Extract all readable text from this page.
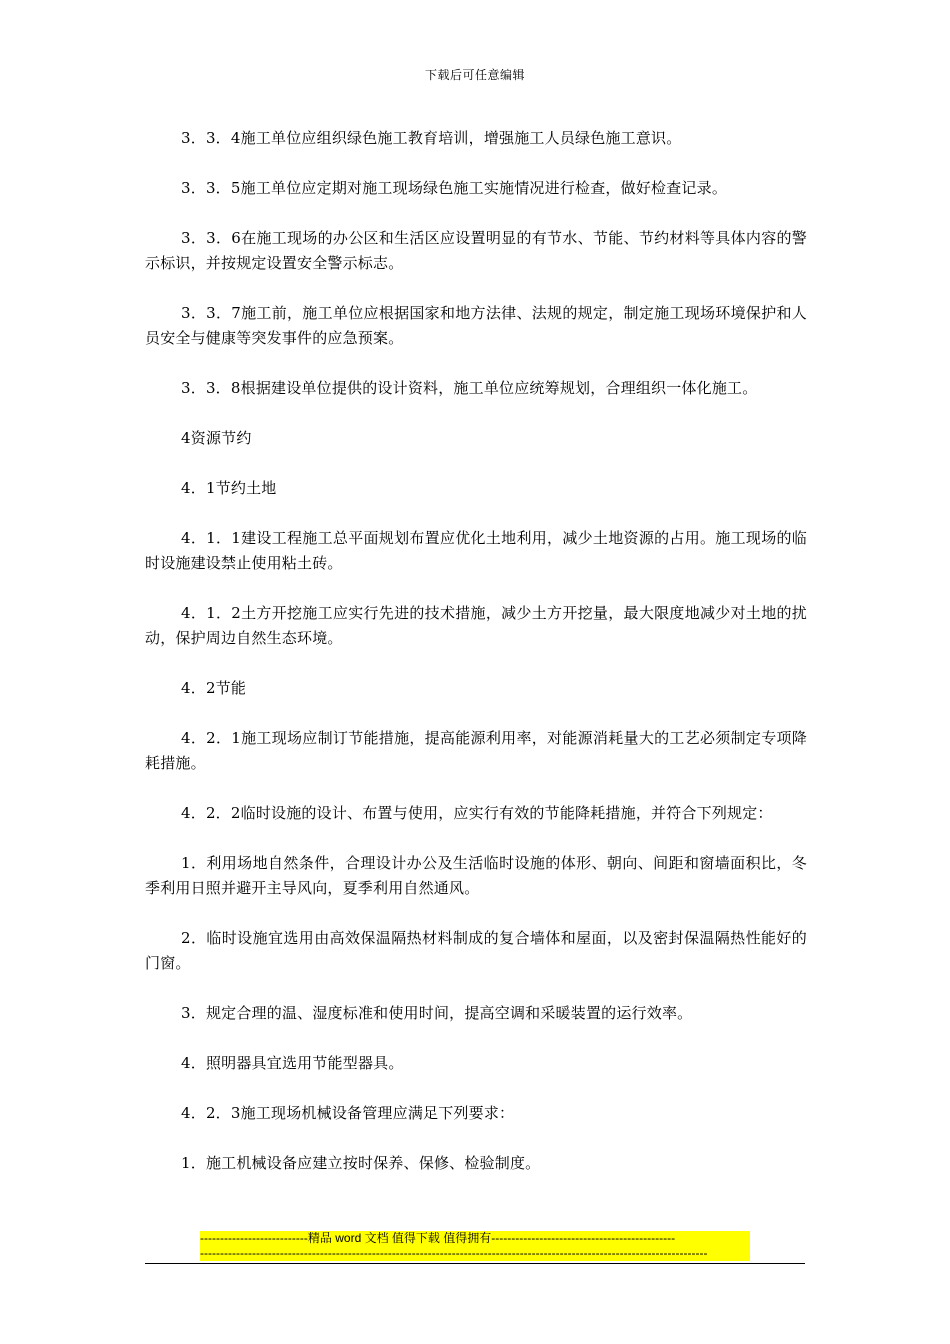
下载后可任意编辑

3．3．4施工单位应组织绿色施工教育培训，增强施工人员绿色施工意识。

3．3．5施工单位应定期对施工现场绿色施工实施情况进行检查，做好检查记录。

3．3．6在施工现场的办公区和生活区应设置明显的有节水、节能、节约材料等具体内容的警示标识，并按规定设置安全警示标志。

3．3．7施工前，施工单位应根据国家和地方法律、法规的规定，制定施工现场环境保护和人员安全与健康等突发事件的应急预案。

3．3．8根据建设单位提供的设计资料，施工单位应统筹规划，合理组织一体化施工。

4资源节约

4．1节约土地

4．1．1建设工程施工总平面规划布置应优化土地利用，减少土地资源的占用。施工现场的临时设施建设禁止使用粘土砖。

4．1．2土方开挖施工应实行先进的技术措施，减少土方开挖量，最大限度地减少对土地的扰动，保护周边自然生态环境。

4．2节能

4．2．1施工现场应制订节能措施，提高能源利用率，对能源消耗量大的工艺必须制定专项降耗措施。

4．2．2临时设施的设计、布置与使用，应实行有效的节能降耗措施，并符合下列规定：

1．利用场地自然条件，合理设计办公及生活临时设施的体形、朝向、间距和窗墙面积比，冬季利用日照并避开主导风向，夏季利用自然通风。

2．临时设施宜选用由高效保温隔热材料制成的复合墙体和屋面，以及密封保温隔热性能好的门窗。

3．规定合理的温、湿度标准和使用时间，提高空调和采暖装置的运行效率。

4．照明器具宜选用节能型器具。

4．2．3施工现场机械设备管理应满足下列要求：

1．施工机械设备应建立按时保养、保修、检验制度。

---------------------------精品 word 文档 值得下载 值得拥有----------------------------------------------
-------------------------------------------------------------------------------------------------------------------------------
